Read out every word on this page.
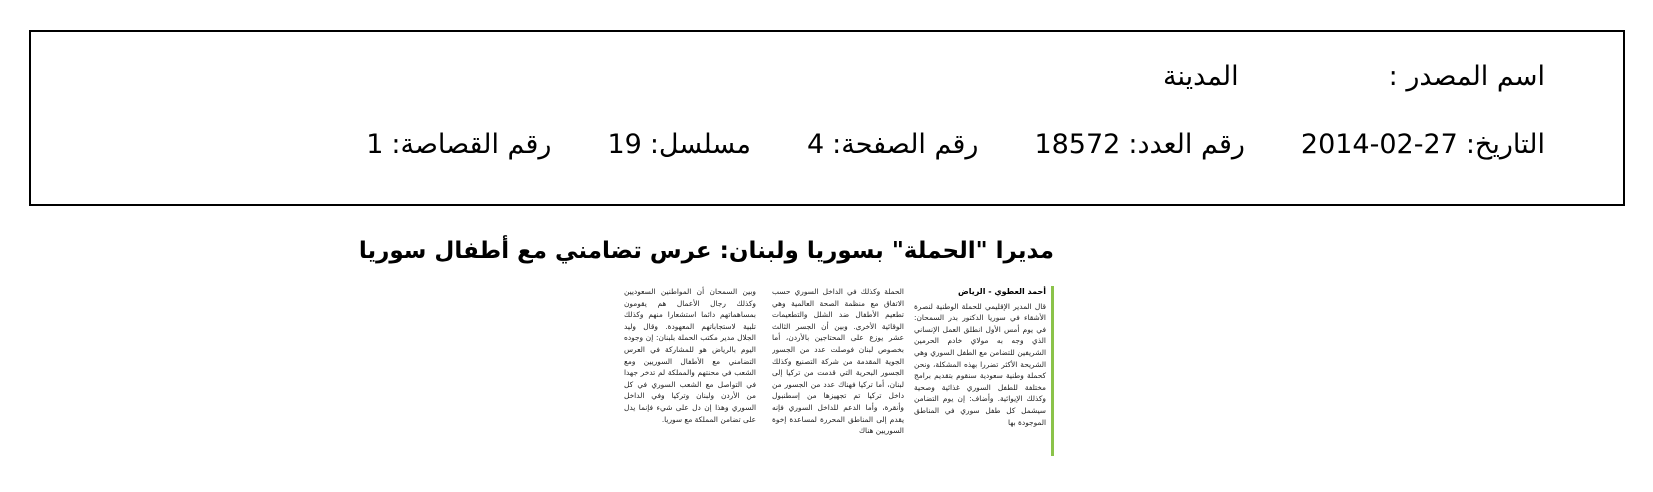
اسم المصدر :المدينة
التاريخ:2014-02-27رقم العدد:18572رقم الصفحة:4مسلسل:19رقم القصاصة:1
مديرا "الحملة" بسوريا ولبنان: عرس تضامني مع أطفال سوريا
أحمد العطوي - الرياض
قال المدير الإقليمي للحملة الوطنية لنصرة الأشقاء في سوريا الدكتور بدر السمحان: في يوم أمس الأول انطلق العمل الإنساني الذي وجه به مولاي خادم الحرمين الشريفين للتضامن مع الطفل السوري وهي الشريحة الأكثر تضررا بهذه المشكلة، ونحن كحملة وطنية سعودية سنقوم بتقديم برامج مختلفة للطفل السوري غذائية وصحية وكذلك الإيوائية. وأضاف: إن يوم التضامن سيشمل كل طفل سوري في المناطق الموجودة بها
الحملة وكذلك في الداخل السوري حسب الاتفاق مع منظمة الصحة العالمية وهي تطعيم الأطفال ضد الشلل والتطعيمات الوقائية الأخرى. وبين أن الجسر الثالث عشر يوزع على المحتاجين بالأردن، أما بخصوص لبنان فوصلت عدد من الجسور الجوية المقدمة من شركة التصنيع وكذلك الجسور البحرية التي قدمت من تركيا إلى لبنان، أما تركيا فهناك عدد من الجسور من داخل تركيا تم تجهيزها من إسطنبول وأنقرة، وأما الدعم للداخل السوري فإنه يقدم إلى المناطق المحررة لمساعدة إخوة السوريين هناك
وبين السمحان أن المواطنين السعوديين وكذلك رجال الأعمال هم يقومون بمساهماتهم دائما استشعارا منهم وكذلك تلبية لاستجاباتهم المعهودة. وقال وليد الجلال مدير مكتب الحملة بلبنان: إن وجوده اليوم بالرياض هو للمشاركة في العرس التضامني مع الأطفال السوريين ومع الشعب في محنتهم والمملكة لم تدخر جهدا في التواصل مع الشعب السوري في كل من الأردن ولبنان وتركيا وفي الداخل السوري وهذا إن دل على شيء فإنما يدل على تضامن المملكة مع سوريا.
